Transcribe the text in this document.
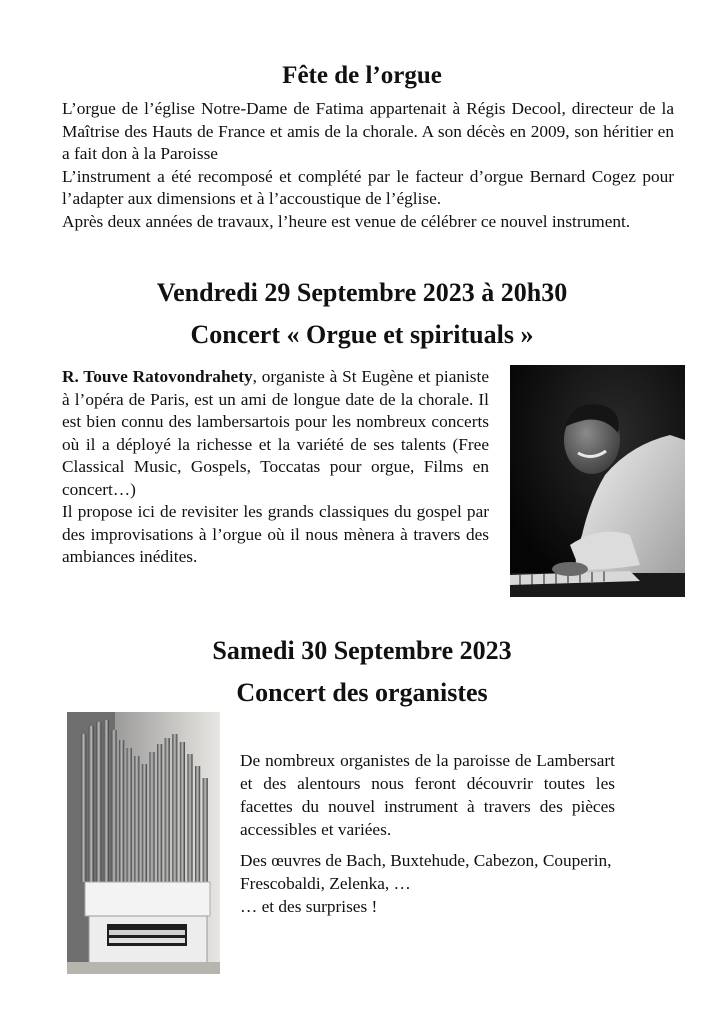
Fête de l’orgue

L’orgue de l’église Notre-Dame de Fatima appartenait à Régis Decool, directeur de la Maîtrise des Hauts de France et amis de la chorale. A son décès en 2009, son héritier en a fait don à la Paroisse

L’instrument a été recomposé et complété par le facteur d’orgue Bernard Cogez pour l’adapter aux dimensions et à l’accoustique de l’église.

Après deux années de travaux, l’heure est venue de célébrer ce nouvel instrument.

Vendredi 29 Septembre 2023 à 20h30
Concert « Orgue et spirituals »

R. Touve Ratovondrahety, organiste à St Eugène et pianiste à l’opéra de Paris, est un ami de longue date de la chorale. Il est bien connu des lambersartois pour les nombreux concerts où il a déployé la richesse et la variété de ses talents (Free Classical Music, Gospels, Toccatas pour orgue, Films en concert…)

Il propose ici de revisiter les grands classiques du gospel par des improvisations à l’orgue où il nous mènera à travers des ambiances inédites.

Samedi 30 Septembre 2023
Concert des organistes

De nombreux organistes de la paroisse de Lambersart et des alentours nous feront découvrir toutes les facettes du nouvel instrument à travers des pièces accessibles et variées.

Des œuvres de Bach, Buxtehude, Cabezon, Couperin, Frescobaldi, Zelenka, …
… et des surprises !
